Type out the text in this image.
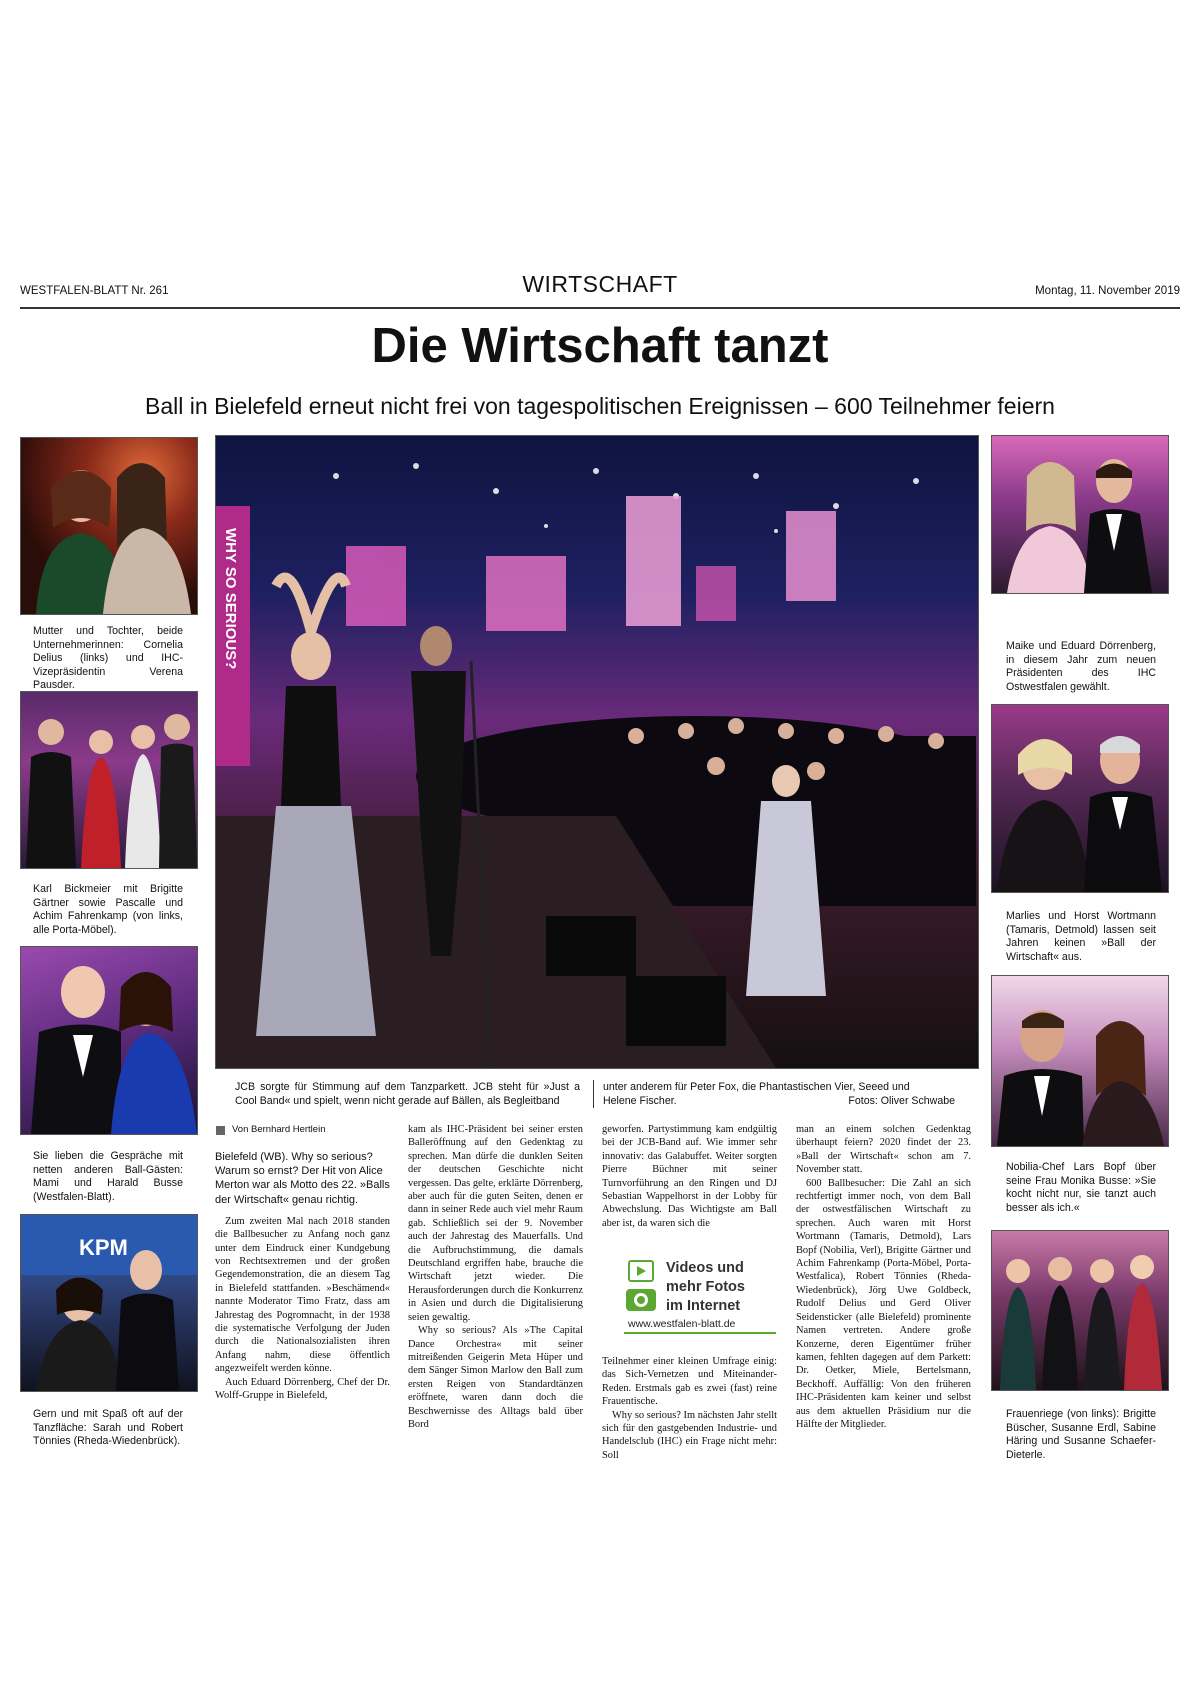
WESTFALEN-BLATT Nr. 261	WIRTSCHAFT	Montag, 11. November 2019
Die Wirtschaft tanzt
Ball in Bielefeld erneut nicht frei von tagespolitischen Ereignissen – 600 Teilnehmer feiern
Mutter und Tochter, beide Unternehmerinnen: Cornelia Delius (links) und IHC-Vizepräsidentin Verena Pausder.
Karl Bickmeier mit Brigitte Gärtner sowie Pascalle und Achim Fahrenkamp (von links, alle Porta-Möbel).
Sie lieben die Gespräche mit netten anderen Ball-Gästen: Mami und Harald Busse (Westfalen-Blatt).
KPM
Gern und mit Spaß oft auf der Tanzfläche: Sarah und Robert Tönnies (Rheda-Wiedenbrück).
WHY SO SERIOUS?
JCB sorgte für Stimmung auf dem Tanzparkett. JCB steht für »Just a Cool Band« und spielt, wenn nicht gerade auf Bällen, als Begleitband
unter anderem für Peter Fox, die Phantastischen Vier, Seeed und Helene Fischer.	Fotos: Oliver Schwabe
Maike und Eduard Dörrenberg, in diesem Jahr zum neuen Präsidenten des IHC Ostwestfalen gewählt.
Marlies und Horst Wortmann (Tamaris, Detmold) lassen seit Jahren keinen »Ball der Wirtschaft« aus.
Nobilia-Chef Lars Bopf über seine Frau Monika Busse: »Sie kocht nicht nur, sie tanzt auch besser als ich.«
Frauenriege (von links): Brigitte Büscher, Susanne Erdl, Sabine Häring und Susanne Schaefer-Dieterle.
Von Bernhard Hertlein

Bielefeld (WB). Why so serious? Warum so ernst? Der Hit von Alice Merton war als Motto des 22. »Balls der Wirtschaft« genau richtig.

Zum zweiten Mal nach 2018 standen die Ballbesucher zu Anfang noch ganz unter dem Eindruck einer Kundgebung von Rechtsextremen und der großen Gegendemonstration, die an diesem Tag in Bielefeld stattfanden. »Beschämend« nannte Moderator Timo Fratz, dass am Jahrestag des Pogromnacht, in der 1938 die systematische Verfolgung der Juden durch die Nationalsozialisten ihren Anfang nahm, diese öffentlich angezweifelt werden könne.

Auch Eduard Dörrenberg, Chef der Dr. Wolff-Gruppe in Bielefeld,

kam als IHC-Präsident bei seiner ersten Balleröffnung auf den Gedenktag zu sprechen. Man dürfe die dunklen Seiten der deutschen Geschichte nicht vergessen. Das gelte, erklärte Dörrenberg, aber auch für die guten Seiten, denen er dann in seiner Rede auch viel mehr Raum gab. Schließlich sei der 9. November auch der Jahrestag des Mauerfalls. Und die Aufbruchstimmung, die damals Deutschland ergriffen habe, brauche die Wirtschaft jetzt wieder. Die Herausforderungen durch die Konkurrenz in Asien und durch die Digitalisierung seien gewaltig.

Why so serious? Als »The Capital Dance Orchestra« mit seiner mitreißenden Geigerin Meta Hüper und dem Sänger Simon Marlow den Ball zum ersten Reigen von Standardtänzen eröffnete, waren dann doch die Beschwernisse des Alltags bald über Bord

geworfen. Partystimmung kam endgültig bei der JCB-Band auf. Wie immer sehr innovativ: das Galabuffet. Weiter sorgten Pierre Büchner mit seiner Turnvorführung an den Ringen und DJ Sebastian Wappelhorst in der Lobby für Abwechslung. Das Wichtigste am Ball aber ist, da waren sich die

Videos und
mehr Fotos
im Internet
www.westfalen-blatt.de

Teilnehmer einer kleinen Umfrage einig: das Sich-Vernetzen und Miteinander-Reden. Erstmals gab es zwei (fast) reine Frauentische.

Why so serious? Im nächsten Jahr stellt sich für den gastgebenden Industrie- und Handelsclub (IHC) ein Frage nicht mehr: Soll

man an einem solchen Gedenktag überhaupt feiern? 2020 findet der 23. »Ball der Wirtschaft« schon am 7. November statt.

600 Ballbesucher: Die Zahl an sich rechtfertigt immer noch, von dem Ball der ostwestfälischen Wirtschaft zu sprechen. Auch waren mit Horst Wortmann (Tamaris, Detmold), Lars Bopf (Nobilia, Verl), Brigitte Gärtner und Achim Fahrenkamp (Porta-Möbel, Porta-Westfalica), Robert Tönnies (Rheda-Wiedenbrück), Jörg Uwe Goldbeck, Rudolf Delius und Gerd Oliver Seidensticker (alle Bielefeld) prominente Namen vertreten. Andere große Konzerne, deren Eigentümer früher kamen, fehlten dagegen auf dem Parkett: Dr. Oetker, Miele, Bertelsmann, Beckhoff. Auffällig: Von den früheren IHC-Präsidenten kam keiner und selbst aus dem aktuellen Präsidium nur die Hälfte der Mitglieder.
